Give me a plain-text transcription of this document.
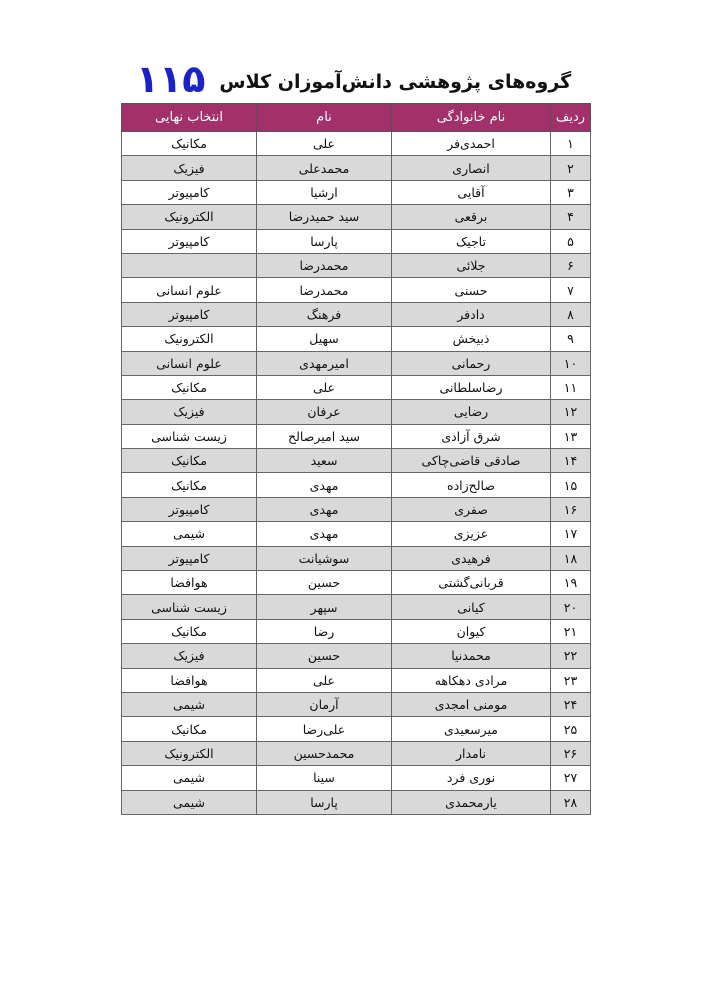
گروه‌های پژوهشی دانش‌آموزان کلاس
۱۱۵
ردیف	نام خانوادگی	نام	انتخاب نهایی
۱	احمدی‌فر	علی	مکانیک
۲	انصاری	محمدعلی	فیزیک
۳	آقایی	ارشیا	کامپیوتر
۴	برقعی	سید حمیدرضا	الکترونیک
۵	تاجیک	پارسا	کامپیوتر
۶	جلائی	محمدرضا	
۷	حسنی	محمدرضا	علوم انسانی
۸	دادفر	فرهنگ	کامپیوتر
۹	ذبیخش	سهیل	الکترونیک
۱۰	رحمانی	امیرمهدی	علوم انسانی
۱۱	رضاسلطانی	علی	مکانیک
۱۲	رضایی	عرفان	فیزیک
۱۳	شرق آزادی	سید امیرصالح	زیست شناسی
۱۴	صادقی قاضی‌چاکی	سعید	مکانیک
۱۵	صالح‌زاده	مهدی	مکانیک
۱۶	صفری	مهدی	کامپیوتر
۱۷	عزیزی	مهدی	شیمی
۱۸	فرهیدی	سوشیانت	کامپیوتر
۱۹	قربانی‌گشتی	حسین	هوافضا
۲۰	کیانی	سپهر	زیست شناسی
۲۱	کیوان	رضا	مکانیک
۲۲	محمدنیا	حسین	فیزیک
۲۳	مرادی دهکاهه	علی	هوافضا
۲۴	مومنی امجدی	آرمان	شیمی
۲۵	میرسعیدی	علی‌رضا	مکانیک
۲۶	نامدار	محمدحسین	الکترونیک
۲۷	نوری فرد	سینا	شیمی
۲۸	یارمحمدی	پارسا	شیمی
